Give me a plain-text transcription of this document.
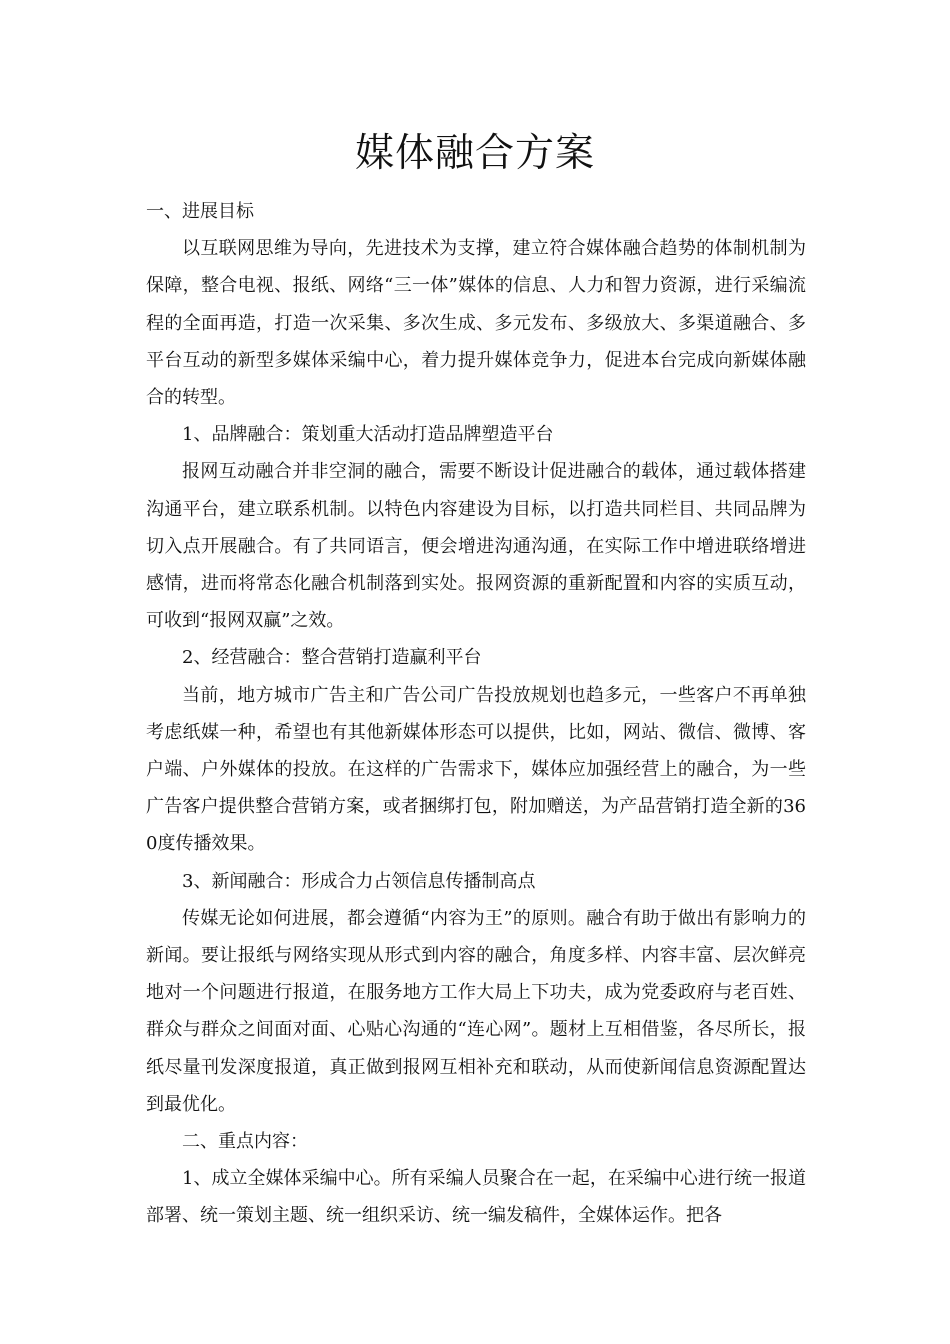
媒体融合方案

一、进展目标

以互联网思维为导向，先进技术为支撑，建立符合媒体融合趋势的体制机制为保障，整合电视、报纸、网络“三一体”媒体的信息、人力和智力资源，进行采编流程的全面再造，打造一次采集、多次生成、多元发布、多级放大、多渠道融合、多平台互动的新型多媒体采编中心，着力提升媒体竞争力，促进本台完成向新媒体融合的转型。

1、品牌融合：策划重大活动打造品牌塑造平台

报网互动融合并非空洞的融合，需要不断设计促进融合的载体，通过载体搭建沟通平台，建立联系机制。以特色内容建设为目标，以打造共同栏目、共同品牌为切入点开展融合。有了共同语言，便会增进沟通沟通，在实际工作中增进联络增进感情，进而将常态化融合机制落到实处。报网资源的重新配置和内容的实质互动，可收到“报网双赢”之效。

2、经营融合：整合营销打造赢利平台

当前，地方城市广告主和广告公司广告投放规划也趋多元，一些客户不再单独考虑纸媒一种，希望也有其他新媒体形态可以提供，比如，网站、微信、微博、客户端、户外媒体的投放。在这样的广告需求下，媒体应加强经营上的融合，为一些广告客户提供整合营销方案，或者捆绑打包，附加赠送，为产品营销打造全新的360度传播效果。

3、新闻融合：形成合力占领信息传播制高点

传媒无论如何进展，都会遵循“内容为王”的原则。融合有助于做出有影响力的新闻。要让报纸与网络实现从形式到内容的融合，角度多样、内容丰富、层次鲜亮地对一个问题进行报道，在服务地方工作大局上下功夫，成为党委政府与老百姓、群众与群众之间面对面、心贴心沟通的“连心网”。题材上互相借鉴，各尽所长，报纸尽量刊发深度报道，真正做到报网互相补充和联动，从而使新闻信息资源配置达到最优化。

二、重点内容：

1、成立全媒体采编中心。所有采编人员聚合在一起，在采编中心进行统一报道部署、统一策划主题、统一组织采访、统一编发稿件，全媒体运作。把各
